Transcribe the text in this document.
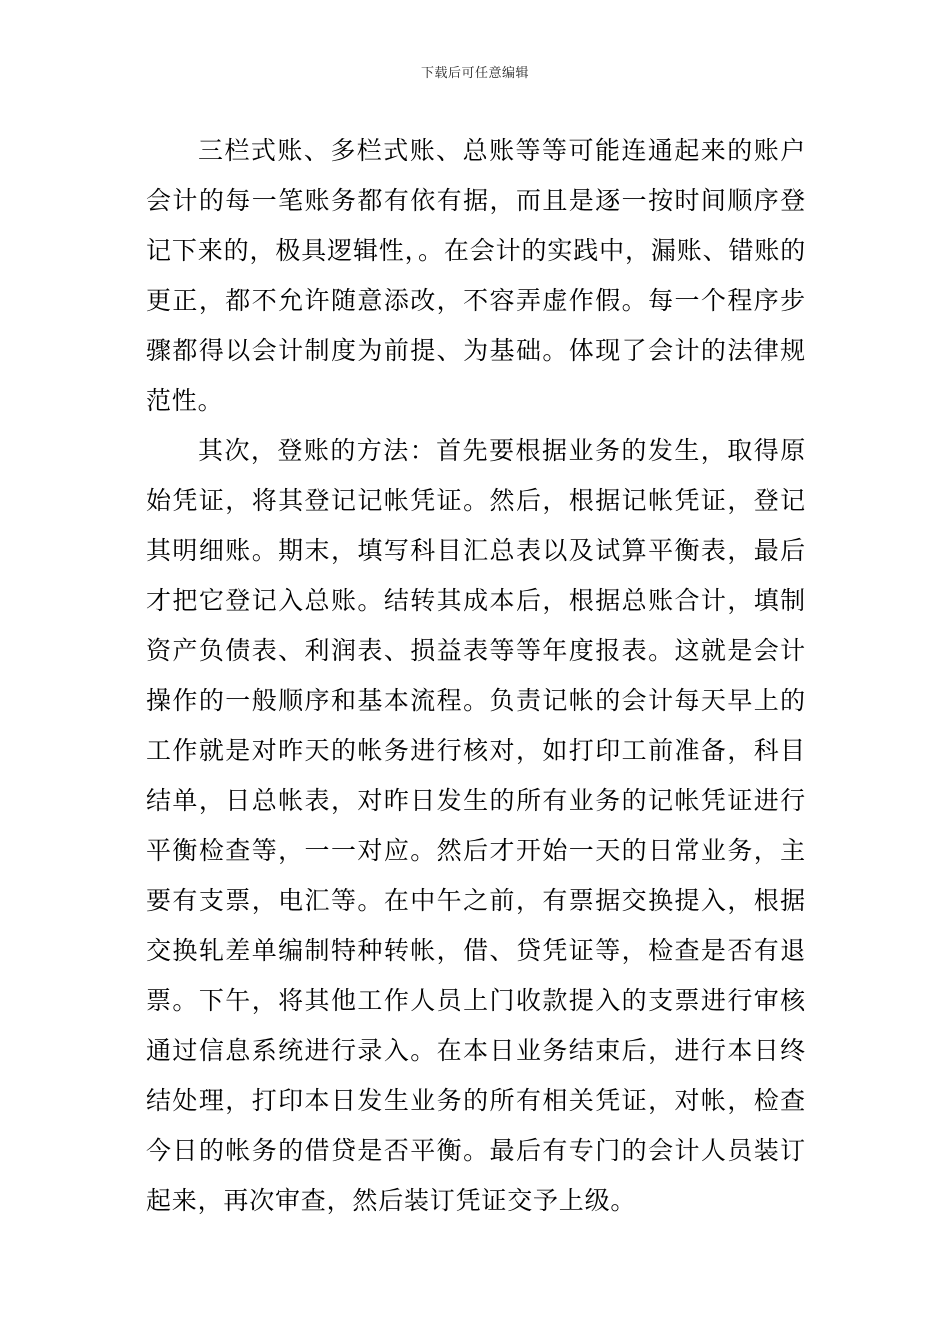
下载后可任意编辑

三栏式账、多栏式账、总账等等可能连通起来的账户会计的每一笔账务都有依有据，而且是逐一按时间顺序登记下来的，极具逻辑性，。在会计的实践中，漏账、错账的更正，都不允许随意添改，不容弄虚作假。每一个程序步骤都得以会计制度为前提、为基础。体现了会计的法律规范性。

其次，登账的方法：首先要根据业务的发生，取得原始凭证，将其登记记帐凭证。然后，根据记帐凭证，登记其明细账。期末，填写科目汇总表以及试算平衡表，最后才把它登记入总账。结转其成本后，根据总账合计，填制资产负债表、利润表、损益表等等年度报表。这就是会计操作的一般顺序和基本流程。负责记帐的会计每天早上的工作就是对昨天的帐务进行核对，如打印工前准备，科目结单，日总帐表，对昨日发生的所有业务的记帐凭证进行平衡检查等，一一对应。然后才开始一天的日常业务，主要有支票，电汇等。在中午之前，有票据交换提入，根据交换轧差单编制特种转帐，借、贷凭证等，检查是否有退票。下午，将其他工作人员上门收款提入的支票进行审核通过信息系统进行录入。在本日业务结束后，进行本日终结处理，打印本日发生业务的所有相关凭证，对帐，检查今日的帐务的借贷是否平衡。最后有专门的会计人员装订起来，再次审查，然后装订凭证交予上级。
